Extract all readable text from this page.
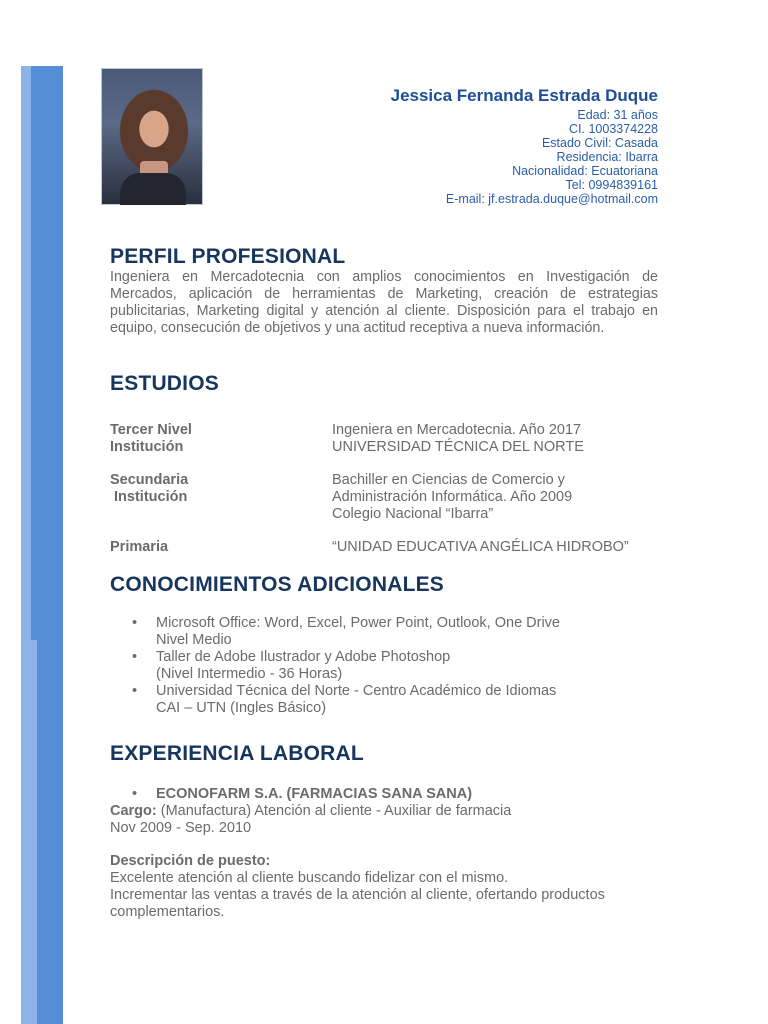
Jessica Fernanda Estrada Duque
Edad: 31 años
CI. 1003374228
Estado Civil: Casada
Residencia: Ibarra
Nacionalidad: Ecuatoriana
Tel: 0994839161
E-mail: jf.estrada.duque@hotmail.com
PERFIL PROFESIONAL
Ingeniera en Mercadotecnia con amplios conocimientos en Investigación de Mercados, aplicación de herramientas de Marketing, creación de estrategias publicitarias, Marketing digital y atención al cliente. Disposición para el trabajo en equipo, consecución de objetivos y una actitud receptiva a nueva información.
ESTUDIOS
Tercer Nivel	Ingeniera en Mercadotecnia. Año 2017
Institución	UNIVERSIDAD TÉCNICA DEL NORTE
Secundaria	Bachiller en Ciencias de Comercio y
Institución	Administración Informática. Año 2009
Colegio Nacional “Ibarra”
Primaria	“UNIDAD EDUCATIVA ANGÉLICA HIDROBO”
CONOCIMIENTOS ADICIONALES
• Microsoft Office: Word, Excel, Power Point, Outlook, One Drive
Nivel Medio
• Taller de Adobe Ilustrador y Adobe Photoshop
(Nivel Intermedio - 36 Horas)
• Universidad Técnica del Norte - Centro Académico de Idiomas
CAI – UTN (Ingles Básico)
EXPERIENCIA LABORAL
• ECONOFARM S.A. (FARMACIAS SANA SANA)
Cargo: (Manufactura) Atención al cliente - Auxiliar de farmacia
Nov 2009 - Sep. 2010
Descripción de puesto:
Excelente atención al cliente buscando fidelizar con el mismo.
Incrementar las ventas a través de la atención al cliente, ofertando productos
complementarios.
